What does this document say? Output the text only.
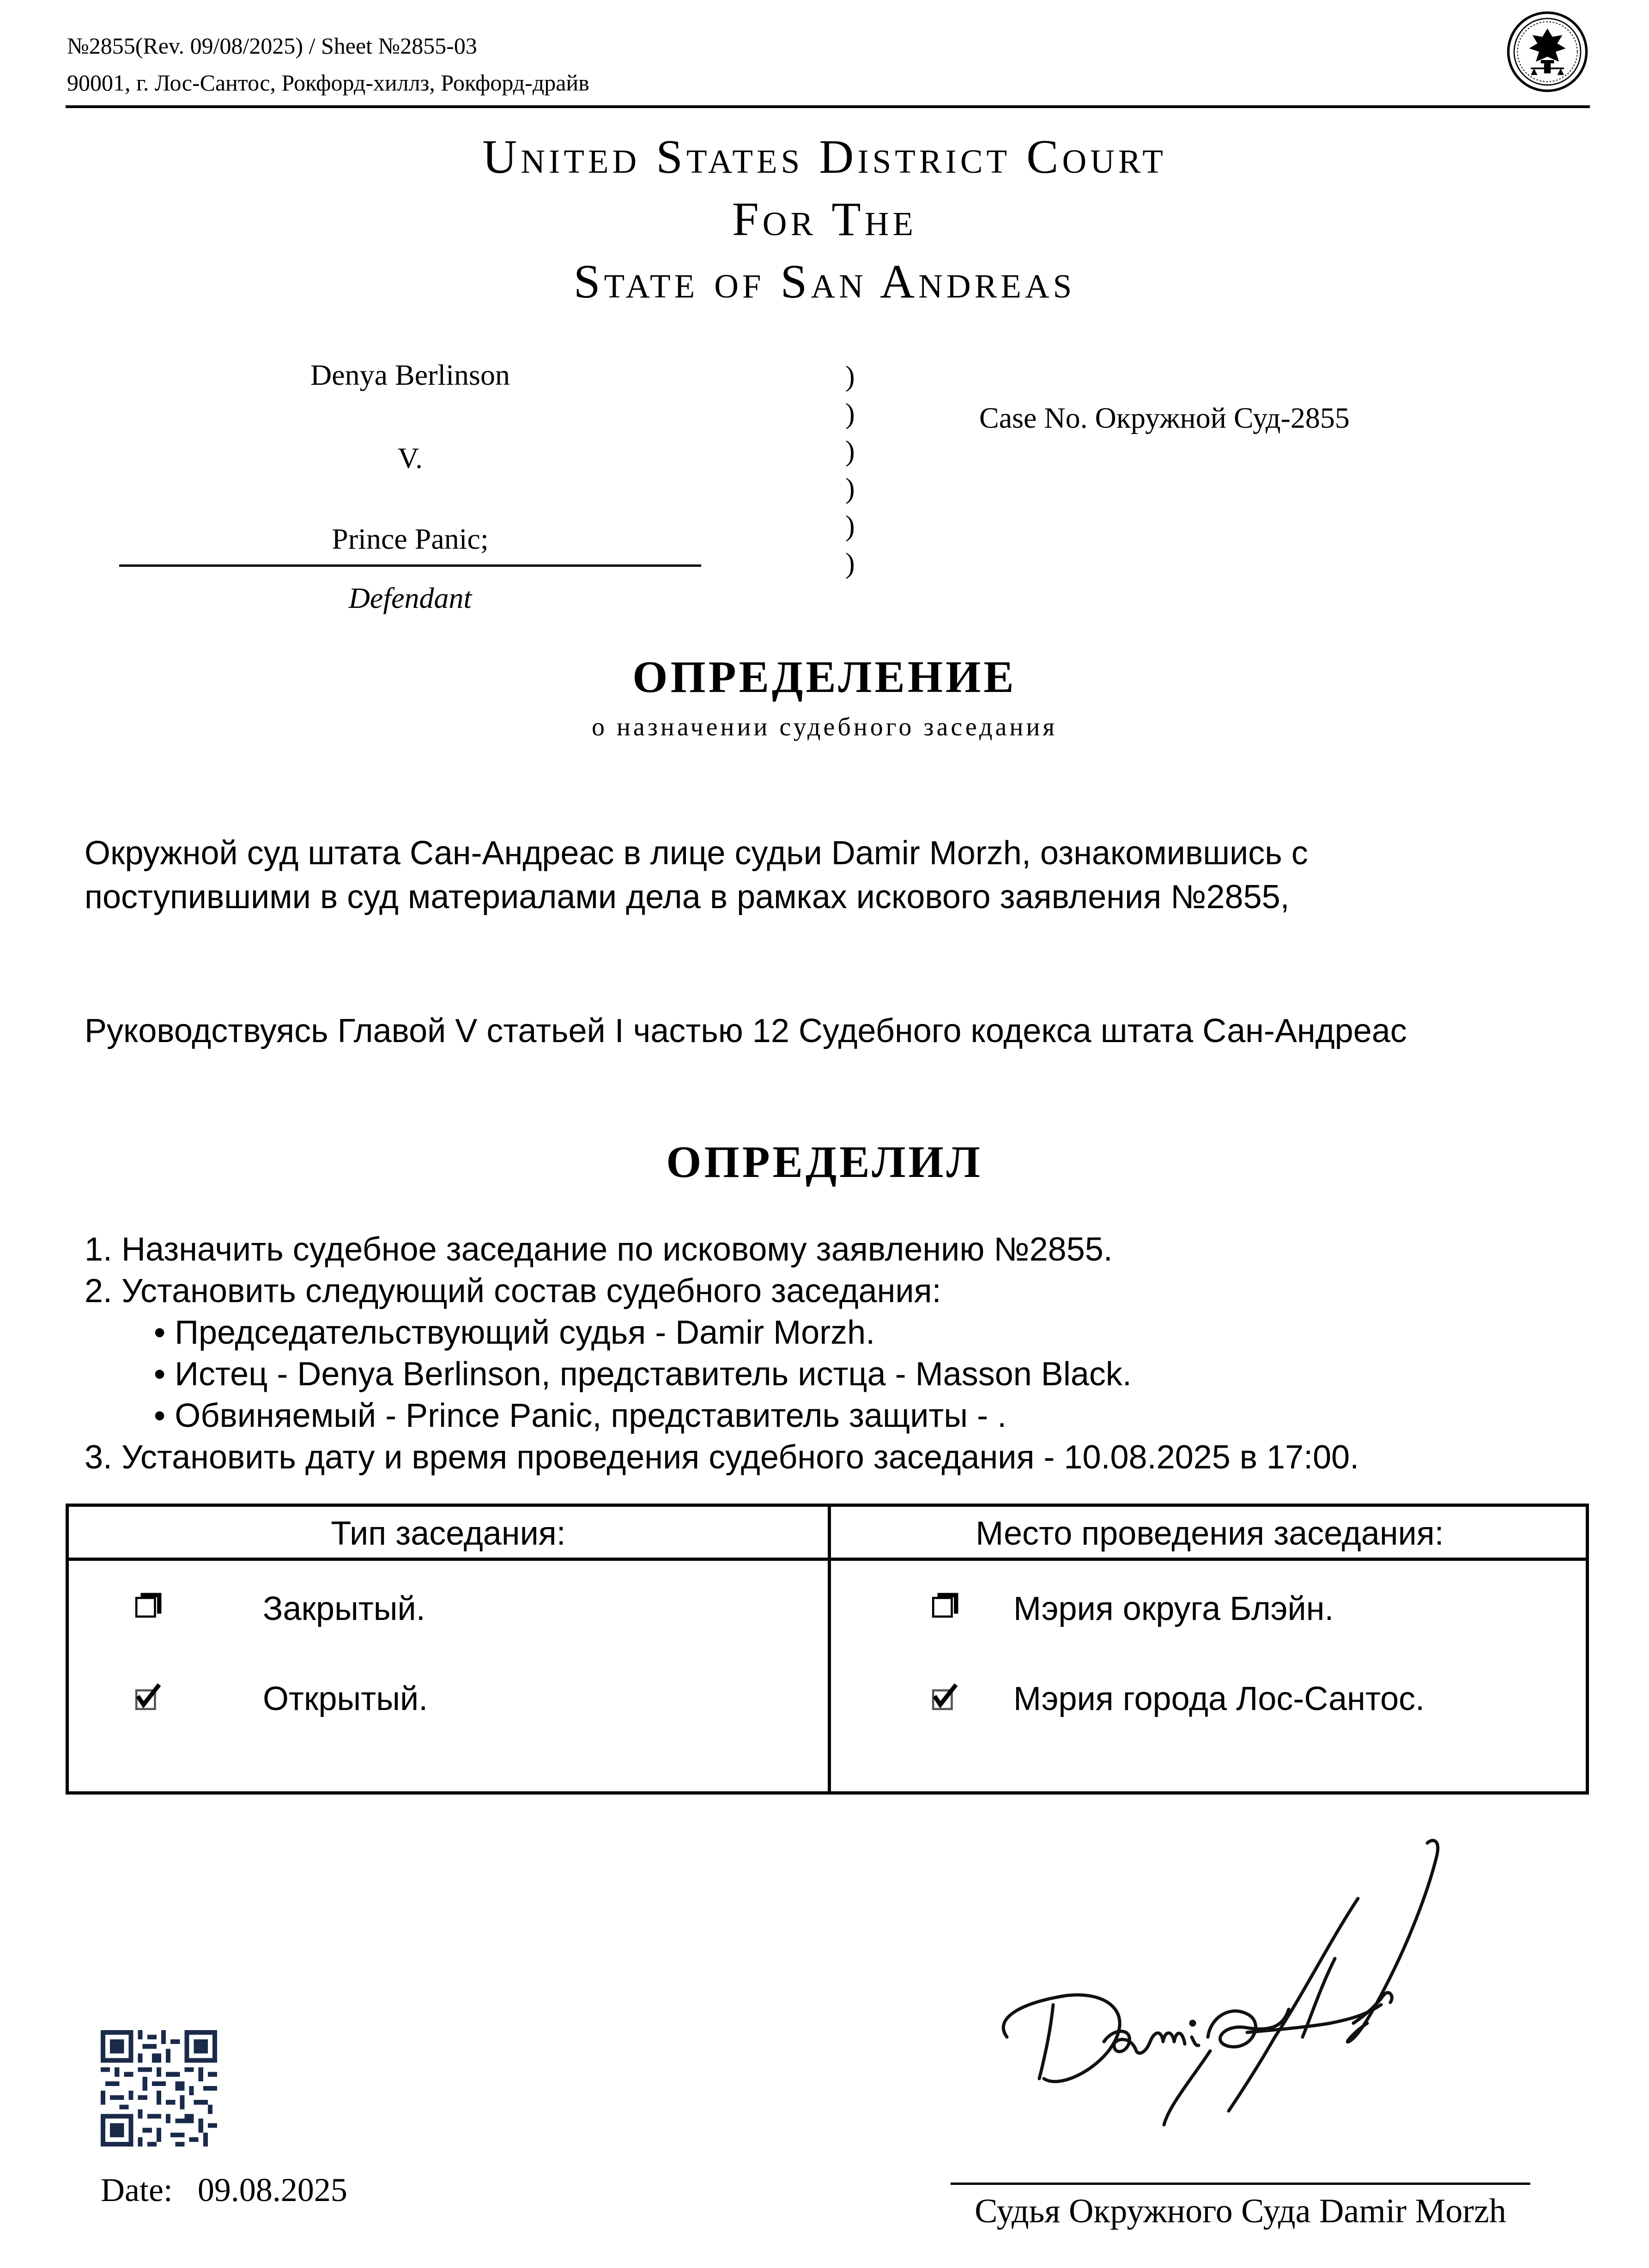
№2855(Rev. 09/08/2025) / Sheet №2855-03
90001, г. Лос-Сантос, Рокфорд-хиллз, Рокфорд-драйв
United States District Court
For The
State of San Andreas
Denya Berlinson
V.
Prince Panic;
Defendant
)
)
)
)
)
)
Case No. Окружной Суд-2855
ОПРЕДЕЛЕНИЕ
о назначении судебного заседания
Окружной суд штата Сан-Андреас в лице судьи Damir Morzh, ознакомившись с
поступившими в суд материалами дела в рамках искового заявления №2855,
Руководствуясь Главой V статьей I частью 12 Судебного кодекса штата Сан-Андреас
ОПРЕДЕЛИЛ
1. Назначить судебное заседание по исковому заявлению №2855.
2. Установить следующий состав судебного заседания:
• Председательствующий судья - Damir Morzh.
• Истец - Denya Berlinson, представитель истца - Masson Black.
• Обвиняемый - Prince Panic, представитель защиты - .
3. Установить дату и время проведения судебного заседания - 10.08.2025 в 17:00.
Тип заседания:	Место проведения заседания:
Закрытый.
Открытый.
Мэрия округа Блэйн.
Мэрия города Лос-Сантос.
Date: 09.08.2025
Судья Окружного Суда Damir Morzh
